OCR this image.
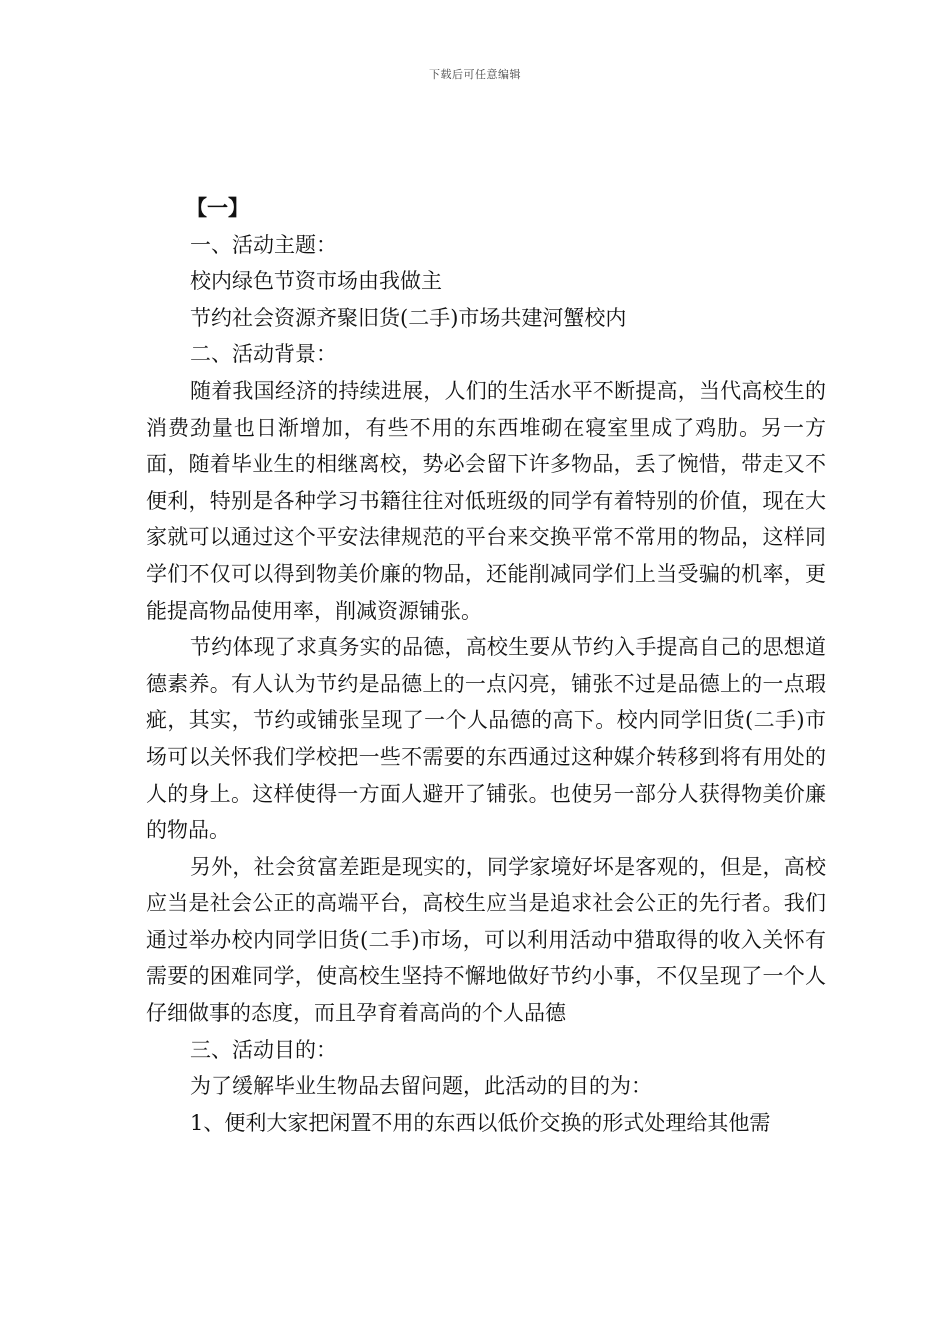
下载后可任意编辑

【一】

一、活动主题：

校内绿色节资市场由我做主

节约社会资源齐聚旧货(二手)市场共建河蟹校内

二、活动背景：

随着我国经济的持续进展，人们的生活水平不断提高，当代高校生的消费劲量也日渐增加，有些不用的东西堆砌在寝室里成了鸡肋。另一方面，随着毕业生的相继离校，势必会留下许多物品，丢了惋惜，带走又不便利，特别是各种学习书籍往往对低班级的同学有着特别的价值，现在大家就可以通过这个平安法律规范的平台来交换平常不常用的物品，这样同学们不仅可以得到物美价廉的物品，还能削减同学们上当受骗的机率，更能提高物品使用率，削减资源铺张。

节约体现了求真务实的品德，高校生要从节约入手提高自己的思想道德素养。有人认为节约是品德上的一点闪亮，铺张不过是品德上的一点瑕疵，其实，节约或铺张呈现了一个人品德的高下。校内同学旧货(二手)市场可以关怀我们学校把一些不需要的东西通过这种媒介转移到将有用处的人的身上。这样使得一方面人避开了铺张。也使另一部分人获得物美价廉的物品。

另外，社会贫富差距是现实的，同学家境好坏是客观的，但是，高校应当是社会公正的高端平台，高校生应当是追求社会公正的先行者。我们通过举办校内同学旧货(二手)市场，可以利用活动中猎取得的收入关怀有需要的困难同学，使高校生坚持不懈地做好节约小事，不仅呈现了一个人仔细做事的态度，而且孕育着高尚的个人品德

三、活动目的：

为了缓解毕业生物品去留问题，此活动的目的为：

1、便利大家把闲置不用的东西以低价交换的形式处理给其他需
